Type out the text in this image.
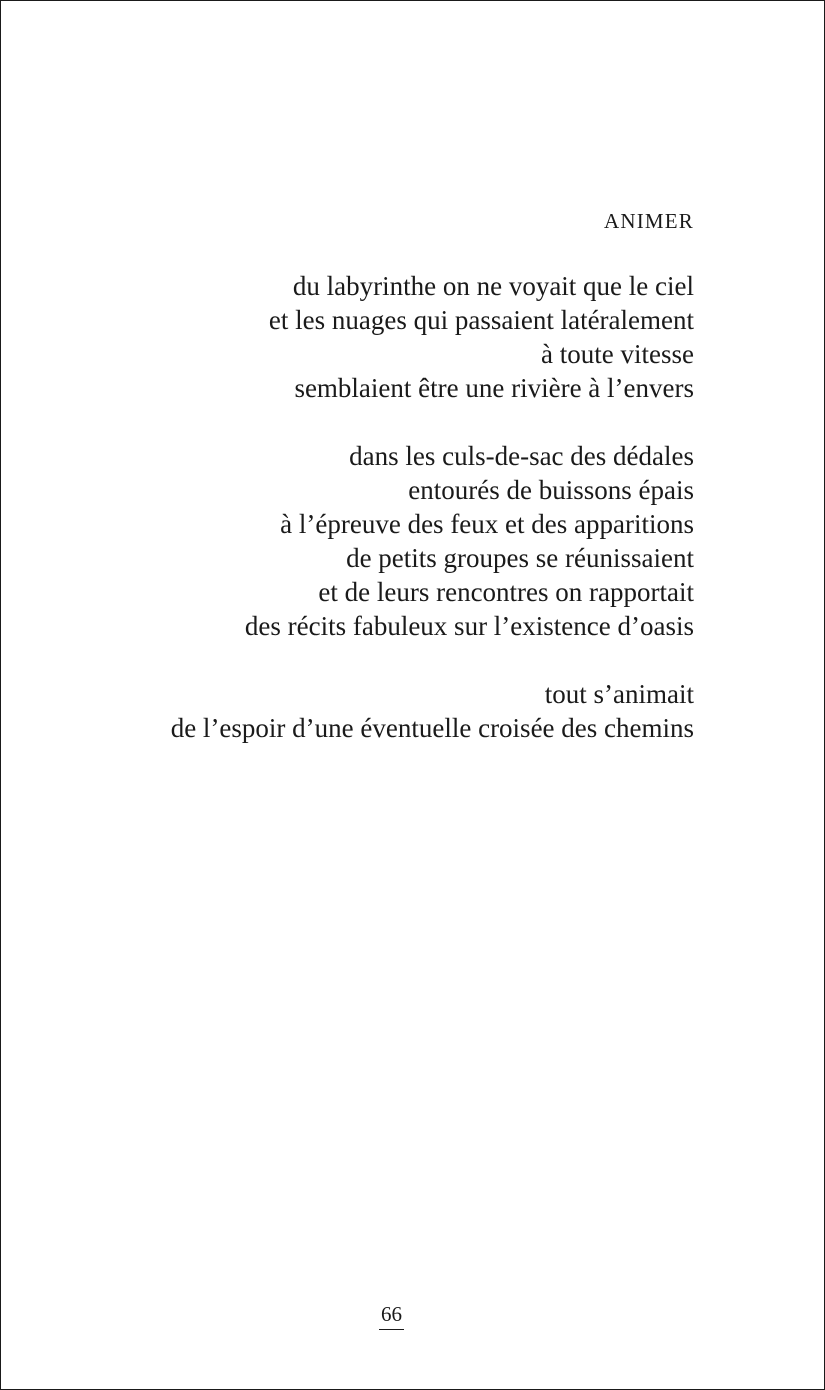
ANIMER

du labyrinthe on ne voyait que le ciel
et les nuages qui passaient latéralement
à toute vitesse
semblaient être une rivière à l’envers

dans les culs-de-sac des dédales
entourés de buissons épais
à l’épreuve des feux et des apparitions
de petits groupes se réunissaient
et de leurs rencontres on rapportait
des récits fabuleux sur l’existence d’oasis

tout s’animait
de l’espoir d’une éventuelle croisée des chemins

66
